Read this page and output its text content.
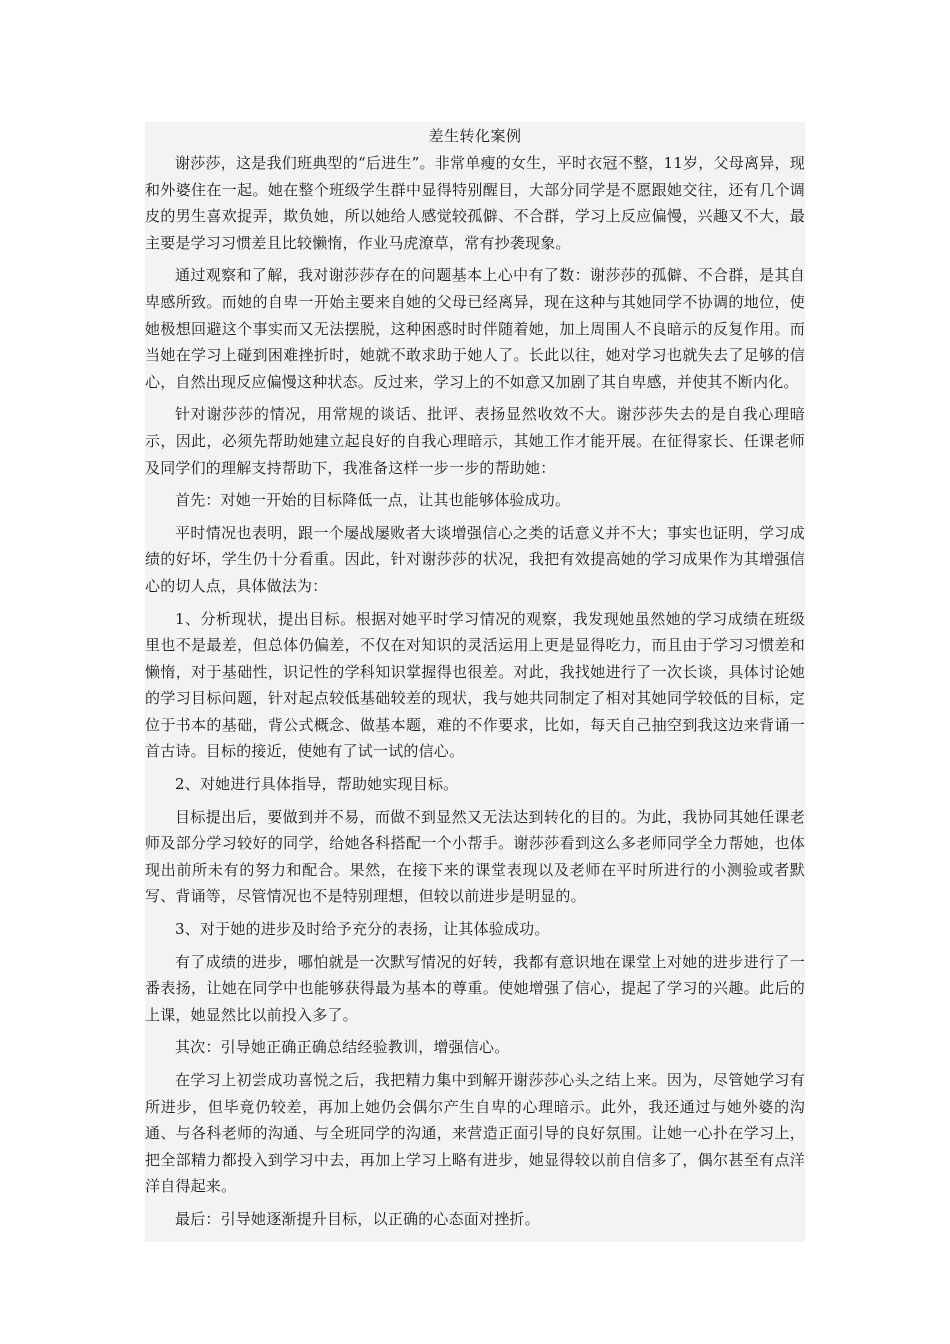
差生转化案例

谢莎莎，这是我们班典型的“后进生”。非常单瘦的女生，平时衣冠不整，11岁，父母离异，现和外婆住在一起。她在整个班级学生群中显得特别醒目，大部分同学是不愿跟她交往，还有几个调皮的男生喜欢捉弄，欺负她，所以她给人感觉较孤僻、不合群，学习上反应偏慢，兴趣又不大，最主要是学习习惯差且比较懒惰，作业马虎潦草，常有抄袭现象。

通过观察和了解，我对谢莎莎存在的问题基本上心中有了数：谢莎莎的孤僻、不合群，是其自卑感所致。而她的自卑一开始主要来自她的父母已经离异，现在这种与其她同学不协调的地位，使她极想回避这个事实而又无法摆脱，这种困惑时时伴随着她，加上周围人不良暗示的反复作用。而当她在学习上碰到困难挫折时，她就不敢求助于她人了。长此以往，她对学习也就失去了足够的信心，自然出现反应偏慢这种状态。反过来，学习上的不如意又加剧了其自卑感，并使其不断内化。

针对谢莎莎的情况，用常规的谈话、批评、表扬显然收效不大。谢莎莎失去的是自我心理暗示，因此，必须先帮助她建立起良好的自我心理暗示，其她工作才能开展。在征得家长、任课老师及同学们的理解支持帮助下，我准备这样一步一步的帮助她：

首先：对她一开始的目标降低一点，让其也能够体验成功。

平时情况也表明，跟一个屡战屡败者大谈增强信心之类的话意义并不大；事实也证明，学习成绩的好坏，学生仍十分看重。因此，针对谢莎莎的状况，我把有效提高她的学习成果作为其增强信心的切人点，具体做法为：

1、分析现状，提出目标。根据对她平时学习情况的观察，我发现她虽然她的学习成绩在班级里也不是最差，但总体仍偏差，不仅在对知识的灵活运用上更是显得吃力，而且由于学习习惯差和懒惰，对于基础性，识记性的学科知识掌握得也很差。对此，我找她进行了一次长谈，具体讨论她的学习目标问题，针对起点较低基础较差的现状，我与她共同制定了相对其她同学较低的目标，定位于书本的基础，背公式概念、做基本题，难的不作要求，比如，每天自己抽空到我这边来背诵一首古诗。目标的接近，使她有了试一试的信心。

2、对她进行具体指导，帮助她实现目标。

目标提出后，要做到并不易，而做不到显然又无法达到转化的目的。为此，我协同其她任课老师及部分学习较好的同学，给她各科搭配一个小帮手。谢莎莎看到这么多老师同学全力帮她，也体现出前所未有的努力和配合。果然，在接下来的课堂表现以及老师在平时所进行的小测验或者默写、背诵等，尽管情况也不是特别理想，但较以前进步是明显的。

3、对于她的进步及时给予充分的表扬，让其体验成功。

有了成绩的进步，哪怕就是一次默写情况的好转，我都有意识地在课堂上对她的进步进行了一番表扬，让她在同学中也能够获得最为基本的尊重。使她增强了信心，提起了学习的兴趣。此后的上课，她显然比以前投入多了。

其次：引导她正确正确总结经验教训，增强信心。

在学习上初尝成功喜悦之后，我把精力集中到解开谢莎莎心头之结上来。因为，尽管她学习有所进步，但毕竟仍较差，再加上她仍会偶尔产生自卑的心理暗示。此外，我还通过与她外婆的沟通、与各科老师的沟通、与全班同学的沟通，来营造正面引导的良好氛围。让她一心扑在学习上，把全部精力都投入到学习中去，再加上学习上略有进步，她显得较以前自信多了，偶尔甚至有点洋洋自得起来。

最后：引导她逐渐提升目标，以正确的心态面对挫折。
